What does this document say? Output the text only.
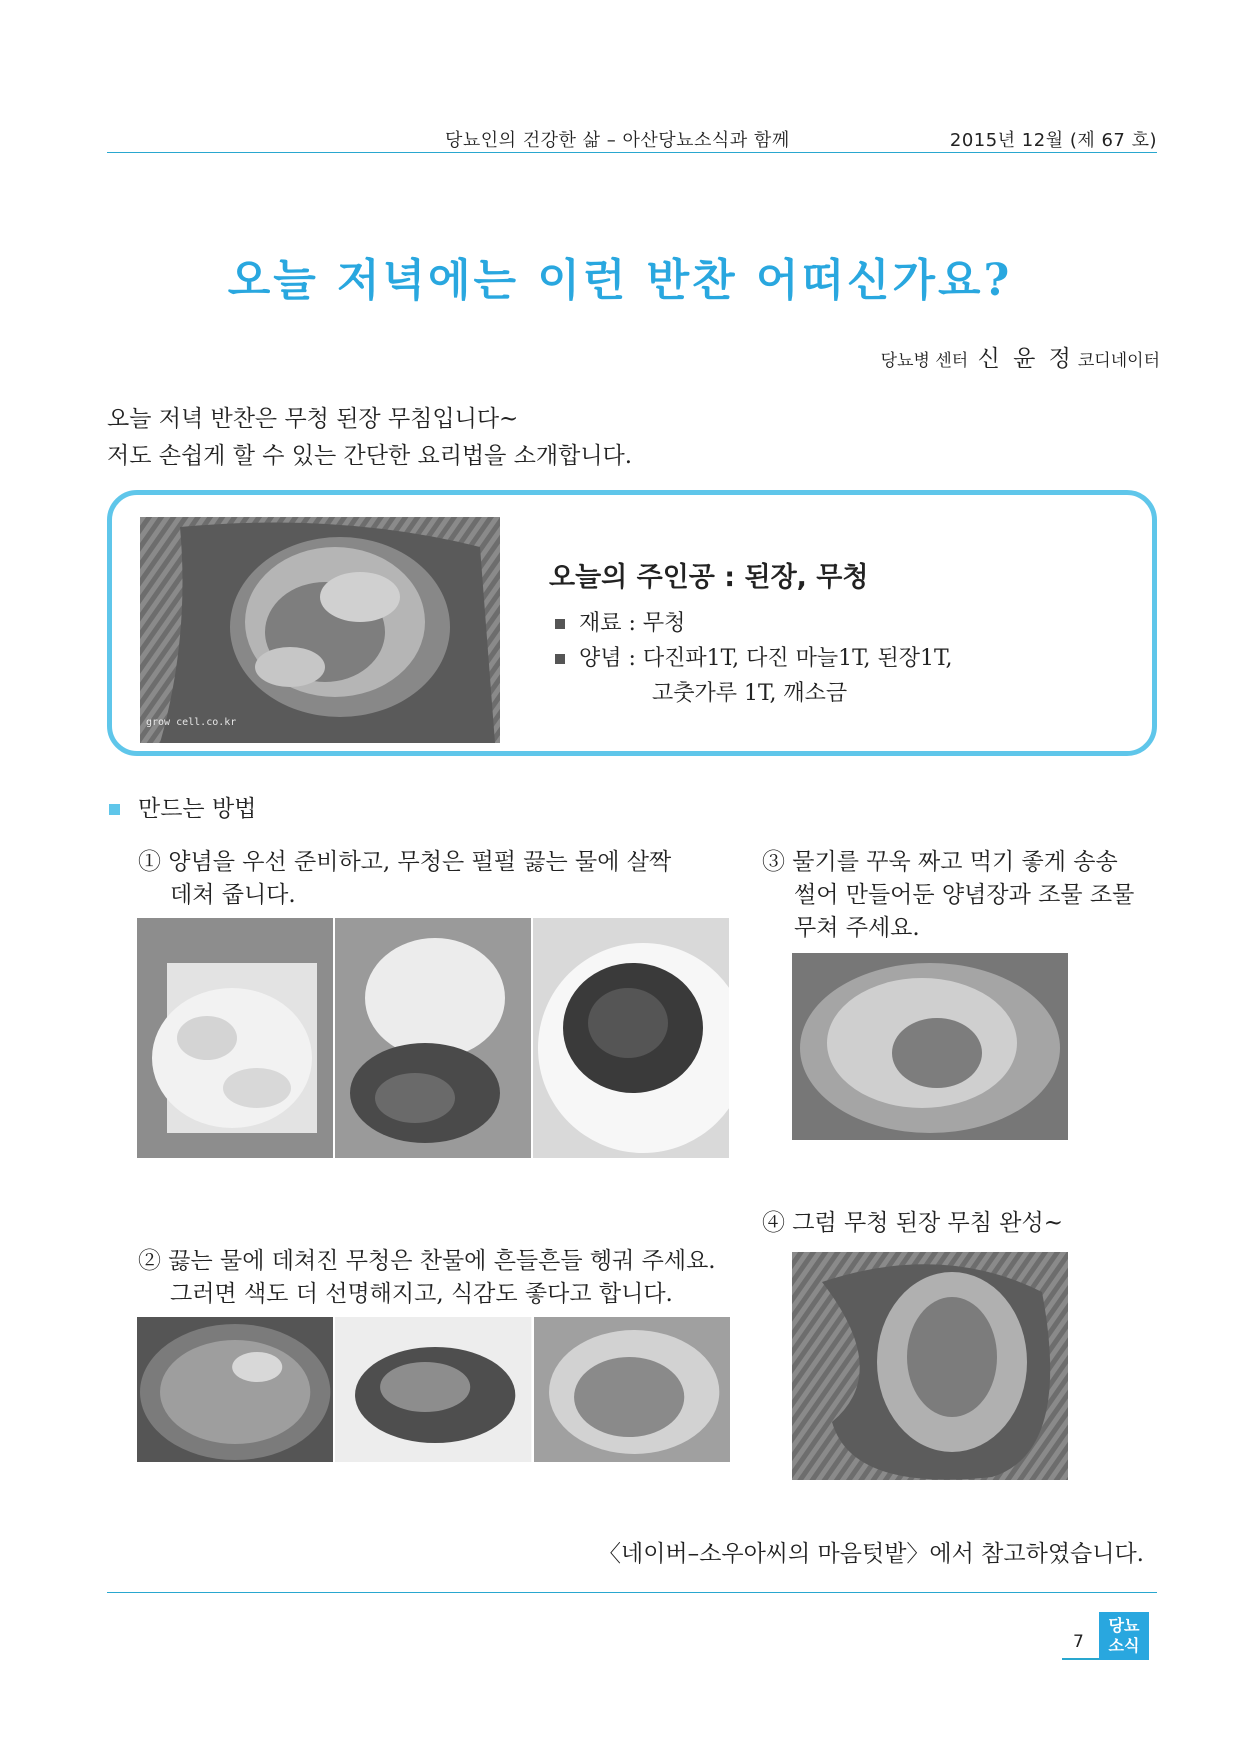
당뇨인의 건강한 삶 – 아산당뇨소식과 함께	2015년 12월 (제 67 호)
오늘 저녁에는 이런 반찬 어떠신가요?
당뇨병 센터 신 윤 정 코디네이터
오늘 저녁 반찬은 무청 된장 무침입니다~
저도 손쉽게 할 수 있는 간단한 요리법을 소개합니다.
grow cell.co.kr
오늘의 주인공 : 된장, 무청
재료 : 무청
양념 : 다진파1T, 다진 마늘1T, 된장1T,
고춧가루 1T, 깨소금
만드는 방법
① 양념을 우선 준비하고, 무청은 펄펄 끓는 물에 살짝
데쳐 줍니다.
③ 물기를 꾸욱 짜고 먹기 좋게 송송
썰어 만들어둔 양념장과 조물 조물
무쳐 주세요.
② 끓는 물에 데쳐진 무청은 찬물에 흔들흔들 헹궈 주세요.
그러면 색도 더 선명해지고, 식감도 좋다고 합니다.
④ 그럼 무청 된장 무침 완성~
〈네이버–소우아씨의 마음텃밭〉에서 참고하였습니다.
7
당뇨
소식
